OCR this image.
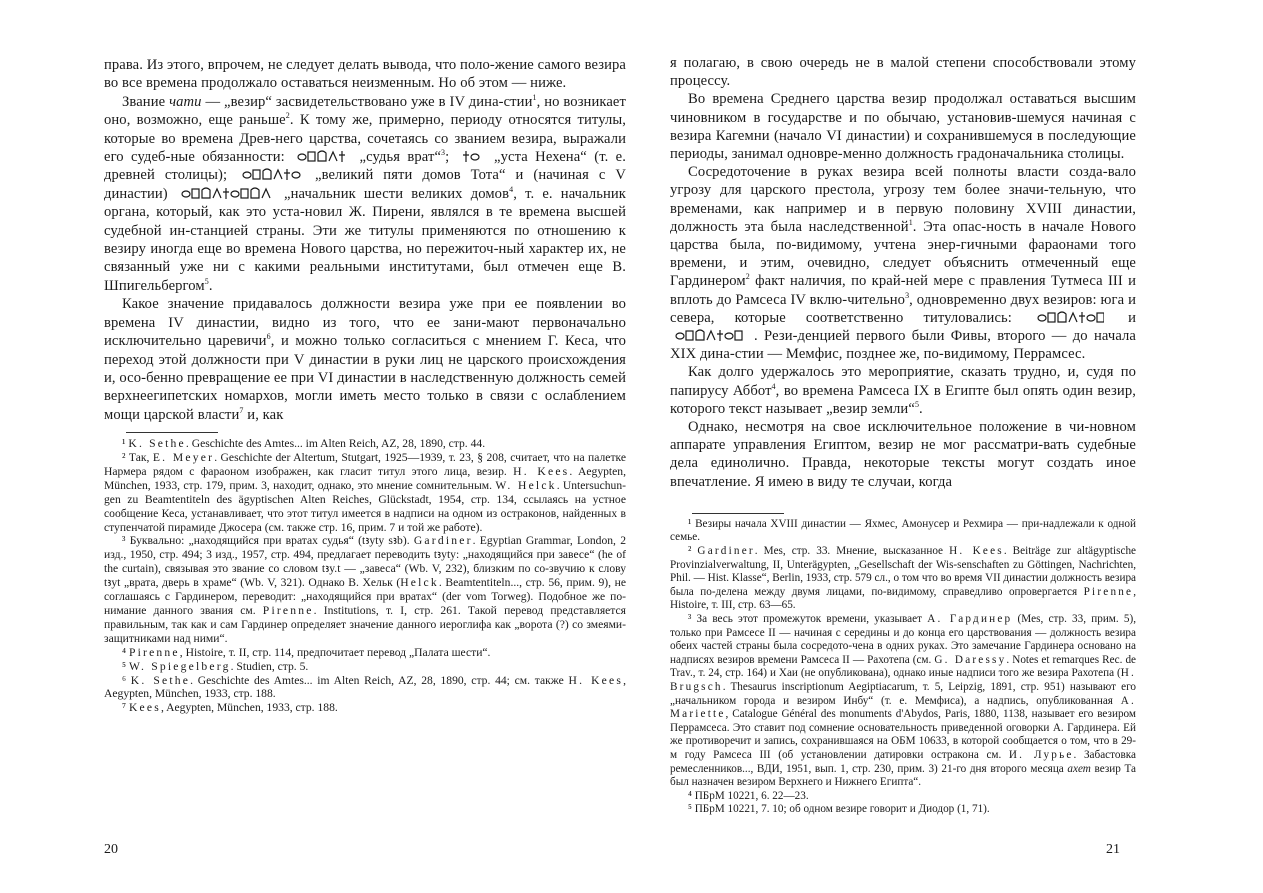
права. Из этого, впрочем, не следует делать вывода, что поло-жение самого везира во все времена продолжало оставаться неизменным. Но об этом — ниже.

Звание чати — „везир“ засвидетельствовано уже в IV дина-стии$^1$, но возникает оно, возможно, еще раньше$^2$. К тому же, примерно, периоду относятся титулы, которые во времена Древ-него царства, сочетаясь со званием везира, выражали его судеб-ные обязанности:	„судья врат“$^3$;
„уста Нехена“ (т. е. древней столицы);	„великий пяти домов Тота“ и (начиная с V династии)	„начальник шести великих домов$^4$, т. е. начальник органа, который, как это уста-новил Ж. Пирени, являлся в те времена высшей судебной ин-станцией страны. Эти же титулы применяются по отношению к везиру иногда еще во времена Нового царства, но пережиточ-ный характер их, не связанный уже ни с какими реальными институтами, был отмечен еще В. Шпигельбергом$^5$.

Какое значение придавалось должности везира уже при ее появлении во времена IV династии, видно из того, что ее зани-мают первоначально исключительно царевичи$^6$, и можно только согласиться с мнением Г. Кеса, что переход этой должности при V династии в руки лиц не царского происхождения и, осо-бенно превращение ее при VI династии в наследственную должность семей верхнеегипетских номархов, могли иметь место только в связи с ослаблением мощи царской власти$^7$ и, как

¹ K. Sethe. Geschichte des Amtes... im Alten Reich, AZ, 28, 1890, стр. 44.

² Так, E. Meyer. Geschichte der Altertum, Stutgart, 1925—1939, т. 23, § 208, считает, что на палетке Нармера рядом с фараоном изображен, как гласит титул этого лица, везир. H. Kees. Aegypten, München, 1933, стр. 179, прим. 3, находит, однако, это мнение сомнительным. W. Helck. Untersuchun-gen zu Beamtentiteln des ägyptischen Alten Reiches, Glückstadt, 1954, стр. 134, ссылаясь на устное сообщение Кеса, устанавливает, что этот титул имеется в надписи на одном из остраконов, найденных в ступенчатой пирамиде Джосера (см. также стр. 16, прим. 7 и той же работе).

³ Буквально: „находящийся при вратах судья“ (tꜣyty sꜣb). Gardiner. Egyptian Grammar, London, 2 изд., 1950, стр. 494; 3 изд., 1957, стр. 494, предлагает переводить tꜣyty: „находящийся при завесе“ (he of the curtain), связывая это звание со словом tꜣy.t — „завеса“ (Wb. V, 232), близким по со-звучию к слову tꜣyt „врата, дверь в храме“ (Wb. V, 321). Однако В. Хельк (Helck. Beamtentiteln..., стр. 56, прим. 9), не соглашаясь с Гардинером, переводит: „находящийся при вратах“ (der vom Torweg). Подобное же по-нимание данного звания см. Pirenne. Institutions, т. I, стр. 261. Такой перевод представляется правильным, так как и сам Гардинер определяет значение данного иероглифа как „ворота (?) со змеями-защитниками над ними“.

⁴ Pirenne, Histoire, т. II, стр. 114, предпочитает перевод „Палата шести“.

⁵ W. Spiegelberg. Studien, стр. 5.

⁶ K. Sethe. Geschichte des Amtes... im Alten Reich, AZ, 28, 1890, стр. 44; см. также H. Kees, Aegypten, München, 1933, стр. 188.

⁷ Kees, Aegypten, München, 1933, стр. 188.

20

я полагаю, в свою очередь не в малой степени способствовали этому процессу.

Во времена Среднего царства везир продолжал оставаться высшим чиновником в государстве и по обычаю, установив-шемуся начиная с везира Кагемни (начало VI династии) и сохранившемуся в последующие периоды, занимал одновре-менно должность градоначальника столицы.

Сосредоточение в руках везира всей полноты власти созда-вало угрозу для царского престола, угрозу тем более значи-тельную, что временами, как например и в первую половину XVIII династии, должность эта была наследственной$^1$. Эта опас-ность в начале Нового царства была, по-видимому, учтена энер-гичными фараонами того времени, и этим, очевидно, следует объяснить отмеченный еще Гардинером$^2$ факт наличия, по край-ней мере с правления Тутмеса III и вплоть до Рамсеса IV вклю-чительно$^3$, одновременно двух везиров: юга и севера, которые соответственно титуловались:	и
. Рези-денцией первого были Фивы, второго — до начала XIX дина-стии — Мемфис, позднее же, по-видимому, Перрамсес.

Как долго удержалось это мероприятие, сказать трудно, и, судя по папирусу Аббот$^4$, во времена Рамсеса IX в Египте был опять один везир, которого текст называет „везир земли“$^5$.

Однако, несмотря на свое исключительное положение в чи-новном аппарате управления Египтом, везир не мог рассматри-вать судебные дела единолично. Правда, некоторые тексты могут создать иное впечатление. Я имею в виду те случаи, когда

¹ Везиры начала XVIII династии — Яхмес, Амонусер и Рехмира — при-надлежали к одной семье.

² Gardiner. Mes, стр. 33. Мнение, высказанное H. Kees. Beiträge zur altägyptische Provinzialverwaltung, II, Unterägypten, „Gesellschaft der Wis-senschaften zu Göttingen, Nachrichten, Phil. — Hist. Klasse“, Berlin, 1933, стр. 579 сл., о том что во время VII династии должность везира была по-делена между двумя лицами, по-видимому, справедливо опровергается Pirenne, Histoire, т. III, стр. 63—65.

³ За весь этот промежуток времени, указывает А. Гардинер (Mes, стр. 33, прим. 5), только при Рамсесе II — начиная с середины и до конца его царствования — должность везира обеих частей страны была сосредото-чена в одних руках. Это замечание Гардинера основано на надписях везиров времени Рамсеса II — Рахотепа (см. G. Daressy. Notes et remarques Rec. de Trav., т. 24, стр. 164) и Хаи (не опубликована), однако иные надписи того же везира Рахотепа (H. Brugsch. Thesaurus inscriptionum Aegiptiacarum, т. 5, Leipzig, 1891, стр. 951) называют его „начальником города и везиром Инбу“ (т. е. Мемфиса), а надпись, опубликованная А. Mariette, Catalogue Général des monuments d'Abydos, Paris, 1880, 1138, называет его везиром Перрамсеса. Это ставит под сомнение основательность приведенной оговорки А. Гардинера. Ей же противоречит и запись, сохранившаяся на ОБМ 10633, в которой сообщается о том, что в 29-м году Рамсеса III (об установлении датировки остракона см. И. Лурье. Забастовка ремесленников..., ВДИ, 1951, вып. 1, стр. 230, прим. 3) 21-го дня второго месяца ахет везир Та был назначен везиром Верхнего и Нижнего Египта“.

⁴ ПБрМ 10221, 6. 22—23.

⁵ ПБрМ 10221, 7. 10; об одном везире говорит и Диодор (1, 71).

21
